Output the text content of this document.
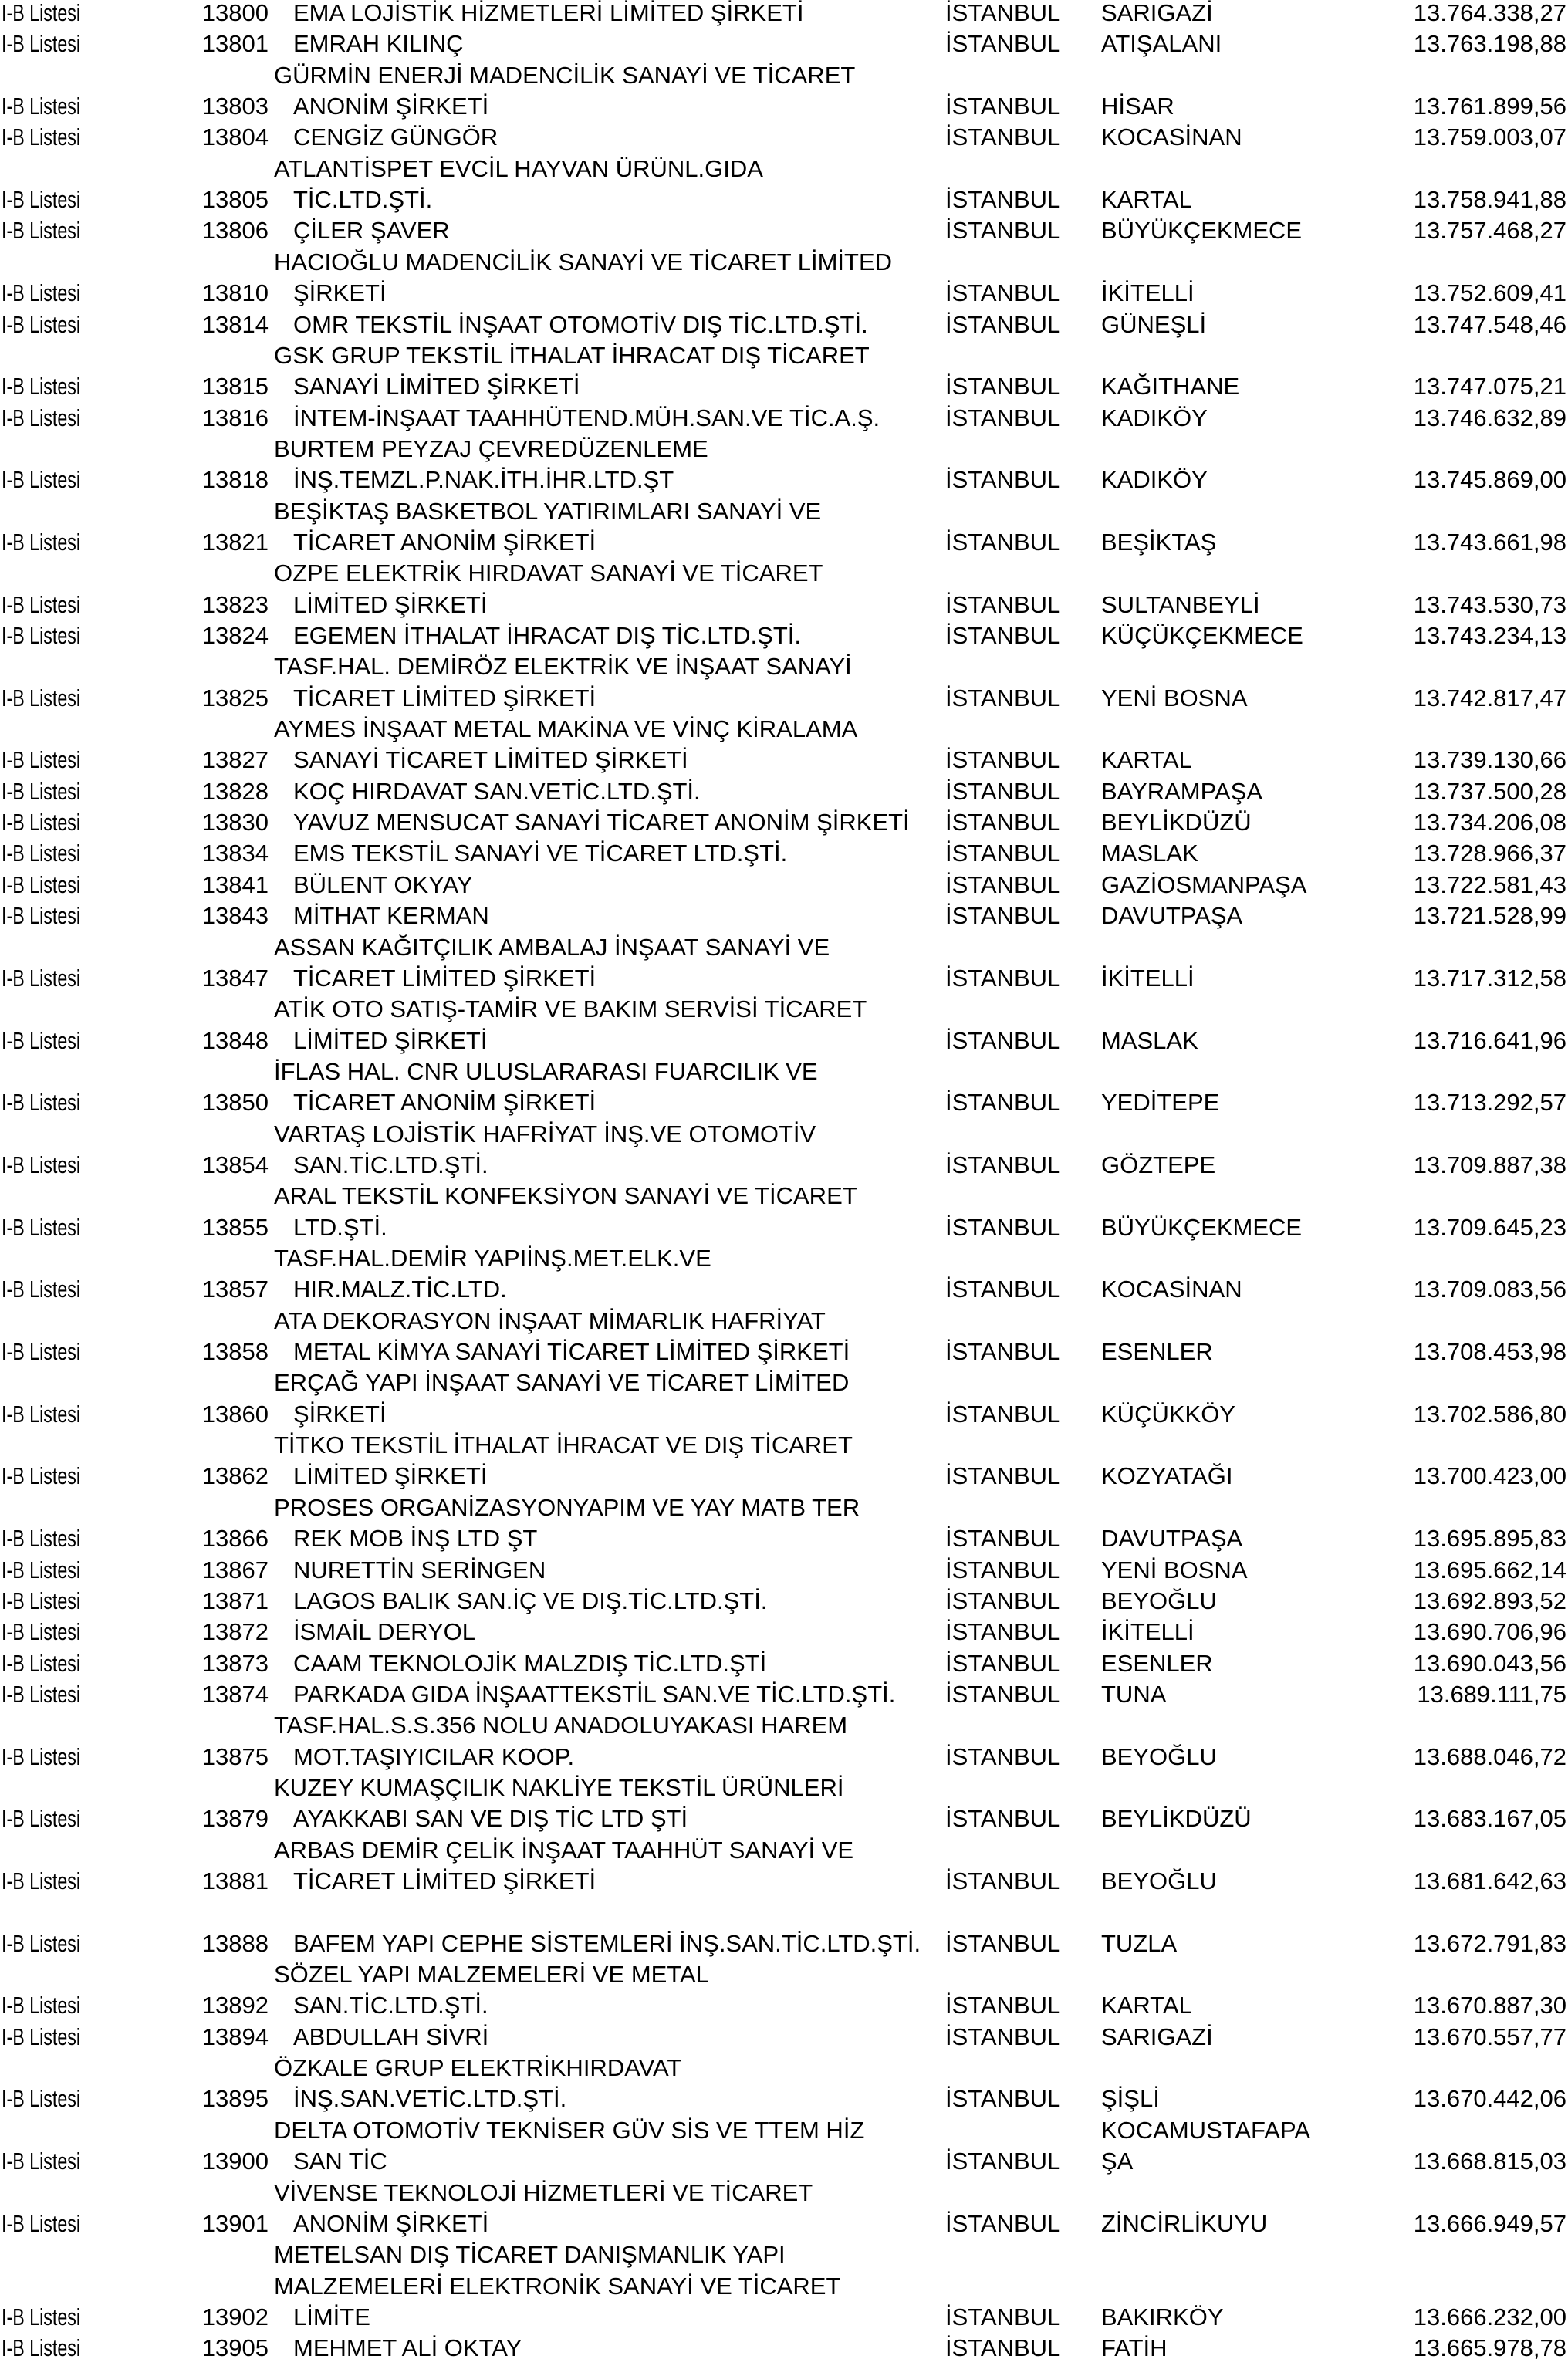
I-B Listesi	13800 EMA LOJİSTİK HİZMETLERİ LİMİTED ŞİRKETİ	İSTANBUL SARIGAZİ	13.764.338,27
I-B Listesi	13801 EMRAH KILINÇ	İSTANBUL ATIŞALANI	13.763.198,88
GÜRMİN ENERJİ MADENCİLİK SANAYİ VE TİCARET
I-B Listesi	13803 ANONİM ŞİRKETİ	İSTANBUL HİSAR	13.761.899,56
I-B Listesi	13804 CENGİZ GÜNGÖR	İSTANBUL KOCASİNAN	13.759.003,07
ATLANTİSPET EVCİL HAYVAN ÜRÜNL.GIDA
I-B Listesi	13805 TİC.LTD.ŞTİ.	İSTANBUL KARTAL	13.758.941,88
I-B Listesi	13806 ÇİLER ŞAVER	İSTANBUL BÜYÜKÇEKMECE	13.757.468,27
HACIOĞLU MADENCİLİK SANAYİ VE TİCARET LİMİTED
I-B Listesi	13810 ŞİRKETİ	İSTANBUL İKİTELLİ	13.752.609,41
I-B Listesi	13814 OMR TEKSTİL İNŞAAT OTOMOTİV DIŞ TİC.LTD.ŞTİ.	İSTANBUL GÜNEŞLİ	13.747.548,46
GSK GRUP TEKSTİL İTHALAT İHRACAT DIŞ TİCARET
I-B Listesi	13815 SANAYİ LİMİTED ŞİRKETİ	İSTANBUL KAĞITHANE	13.747.075,21
I-B Listesi	13816 İNTEM-İNŞAAT TAAHHÜTEND.MÜH.SAN.VE TİC.A.Ş.	İSTANBUL KADIKÖY	13.746.632,89
BURTEM PEYZAJ ÇEVREDÜZENLEME
I-B Listesi	13818 İNŞ.TEMZL.P.NAK.İTH.İHR.LTD.ŞT	İSTANBUL KADIKÖY	13.745.869,00
BEŞİKTAŞ BASKETBOL YATIRIMLARI SANAYİ VE
I-B Listesi	13821 TİCARET ANONİM ŞİRKETİ	İSTANBUL BEŞİKTAŞ	13.743.661,98
OZPE ELEKTRİK HIRDAVAT SANAYİ VE TİCARET
I-B Listesi	13823 LİMİTED ŞİRKETİ	İSTANBUL SULTANBEYLİ	13.743.530,73
I-B Listesi	13824 EGEMEN İTHALAT İHRACAT DIŞ TİC.LTD.ŞTİ.	İSTANBUL KÜÇÜKÇEKMECE	13.743.234,13
TASF.HAL. DEMİRÖZ ELEKTRİK VE İNŞAAT SANAYİ
I-B Listesi	13825 TİCARET LİMİTED ŞİRKETİ	İSTANBUL YENİ BOSNA	13.742.817,47
AYMES İNŞAAT METAL MAKİNA VE VİNÇ KİRALAMA
I-B Listesi	13827 SANAYİ TİCARET LİMİTED ŞİRKETİ	İSTANBUL KARTAL	13.739.130,66
I-B Listesi	13828 KOÇ HIRDAVAT SAN.VETİC.LTD.ŞTİ.	İSTANBUL BAYRAMPAŞA	13.737.500,28
I-B Listesi	13830 YAVUZ MENSUCAT SANAYİ TİCARET ANONİM ŞİRKETİ İSTANBUL BEYLİKDÜZÜ	13.734.206,08
I-B Listesi	13834 EMS TEKSTİL SANAYİ VE TİCARET LTD.ŞTİ.	İSTANBUL MASLAK	13.728.966,37
I-B Listesi	13841 BÜLENT OKYAY	İSTANBUL GAZİOSMANPAŞA	13.722.581,43
I-B Listesi	13843 MİTHAT KERMAN	İSTANBUL DAVUTPAŞA	13.721.528,99
ASSAN KAĞITÇILIK AMBALAJ İNŞAAT SANAYİ VE
I-B Listesi	13847 TİCARET LİMİTED ŞİRKETİ	İSTANBUL İKİTELLİ	13.717.312,58
ATİK OTO SATIŞ-TAMİR VE BAKIM SERVİSİ TİCARET
I-B Listesi	13848 LİMİTED ŞİRKETİ	İSTANBUL MASLAK	13.716.641,96
İFLAS HAL. CNR ULUSLARARASI FUARCILIK VE
I-B Listesi	13850 TİCARET ANONİM ŞİRKETİ	İSTANBUL YEDİTEPE	13.713.292,57
VARTAŞ LOJİSTİK HAFRİYAT İNŞ.VE OTOMOTİV
I-B Listesi	13854 SAN.TİC.LTD.ŞTİ.	İSTANBUL GÖZTEPE	13.709.887,38
ARAL TEKSTİL KONFEKSİYON SANAYİ VE TİCARET
I-B Listesi	13855 LTD.ŞTİ.	İSTANBUL BÜYÜKÇEKMECE	13.709.645,23
TASF.HAL.DEMİR YAPIİNŞ.MET.ELK.VE
I-B Listesi	13857 HIR.MALZ.TİC.LTD.	İSTANBUL KOCASİNAN	13.709.083,56
ATA DEKORASYON İNŞAAT MİMARLIK HAFRİYAT
I-B Listesi	13858 METAL KİMYA SANAYİ TİCARET LİMİTED ŞİRKETİ	İSTANBUL ESENLER	13.708.453,98
ERÇAĞ YAPI İNŞAAT SANAYİ VE TİCARET LİMİTED
I-B Listesi	13860 ŞİRKETİ	İSTANBUL KÜÇÜKKÖY	13.702.586,80
TİTKO TEKSTİL İTHALAT İHRACAT VE DIŞ TİCARET
I-B Listesi	13862 LİMİTED ŞİRKETİ	İSTANBUL KOZYATAĞI	13.700.423,00
PROSES ORGANİZASYONYAPIM VE YAY MATB TER
I-B Listesi	13866 REK MOB İNŞ LTD ŞT	İSTANBUL DAVUTPAŞA	13.695.895,83
I-B Listesi	13867 NURETTİN SERİNGEN	İSTANBUL YENİ BOSNA	13.695.662,14
I-B Listesi	13871 LAGOS BALIK SAN.İÇ VE DIŞ.TİC.LTD.ŞTİ.	İSTANBUL BEYOĞLU	13.692.893,52
I-B Listesi	13872 İSMAİL DERYOL	İSTANBUL İKİTELLİ	13.690.706,96
I-B Listesi	13873 CAAM TEKNOLOJİK MALZDIŞ TİC.LTD.ŞTİ	İSTANBUL ESENLER	13.690.043,56
I-B Listesi	13874 PARKADA GIDA İNŞAATTEKSTİL SAN.VE TİC.LTD.ŞTİ. İSTANBUL TUNA	13.689.111,75
TASF.HAL.S.S.356 NOLU ANADOLUYAKASI HAREM
I-B Listesi	13875 MOT.TAŞIYICILAR KOOP.	İSTANBUL BEYOĞLU	13.688.046,72
KUZEY KUMAŞÇILIK NAKLİYE TEKSTİL ÜRÜNLERİ
I-B Listesi	13879 AYAKKABI SAN VE DIŞ TİC LTD ŞTİ	İSTANBUL BEYLİKDÜZÜ	13.683.167,05
ARBAS DEMİR ÇELİK İNŞAAT TAAHHÜT SANAYİ VE
I-B Listesi	13881 TİCARET LİMİTED ŞİRKETİ	İSTANBUL BEYOĞLU	13.681.642,63
I-B Listesi	13888 BAFEM YAPI CEPHE SİSTEMLERİ İNŞ.SAN.TİC.LTD.ŞTİ. İSTANBUL TUZLA	13.672.791,83
SÖZEL YAPI MALZEMELERİ VE METAL
I-B Listesi	13892 SAN.TİC.LTD.ŞTİ.	İSTANBUL KARTAL	13.670.887,30
I-B Listesi	13894 ABDULLAH SİVRİ	İSTANBUL SARIGAZİ	13.670.557,77
ÖZKALE GRUP ELEKTRİKHIRDAVAT
I-B Listesi	13895 İNŞ.SAN.VETİC.LTD.ŞTİ.	İSTANBUL ŞİŞLİ	13.670.442,06
DELTA OTOMOTİV TEKNİSER GÜV SİS VE TTEM HİZ	KOCAMUSTAFAPA
I-B Listesi	13900 SAN TİC	İSTANBUL ŞA	13.668.815,03
VİVENSE TEKNOLOJİ HİZMETLERİ VE TİCARET
I-B Listesi	13901 ANONİM ŞİRKETİ	İSTANBUL ZİNCİRLİKUYU	13.666.949,57
METELSAN DIŞ TİCARET DANIŞMANLIK YAPI
MALZEMELERİ ELEKTRONİK SANAYİ VE TİCARET
I-B Listesi	13902 LİMİTE	İSTANBUL BAKIRKÖY	13.666.232,00
I-B Listesi	13905 MEHMET ALİ OKTAY	İSTANBUL FATİH	13.665.978,78
